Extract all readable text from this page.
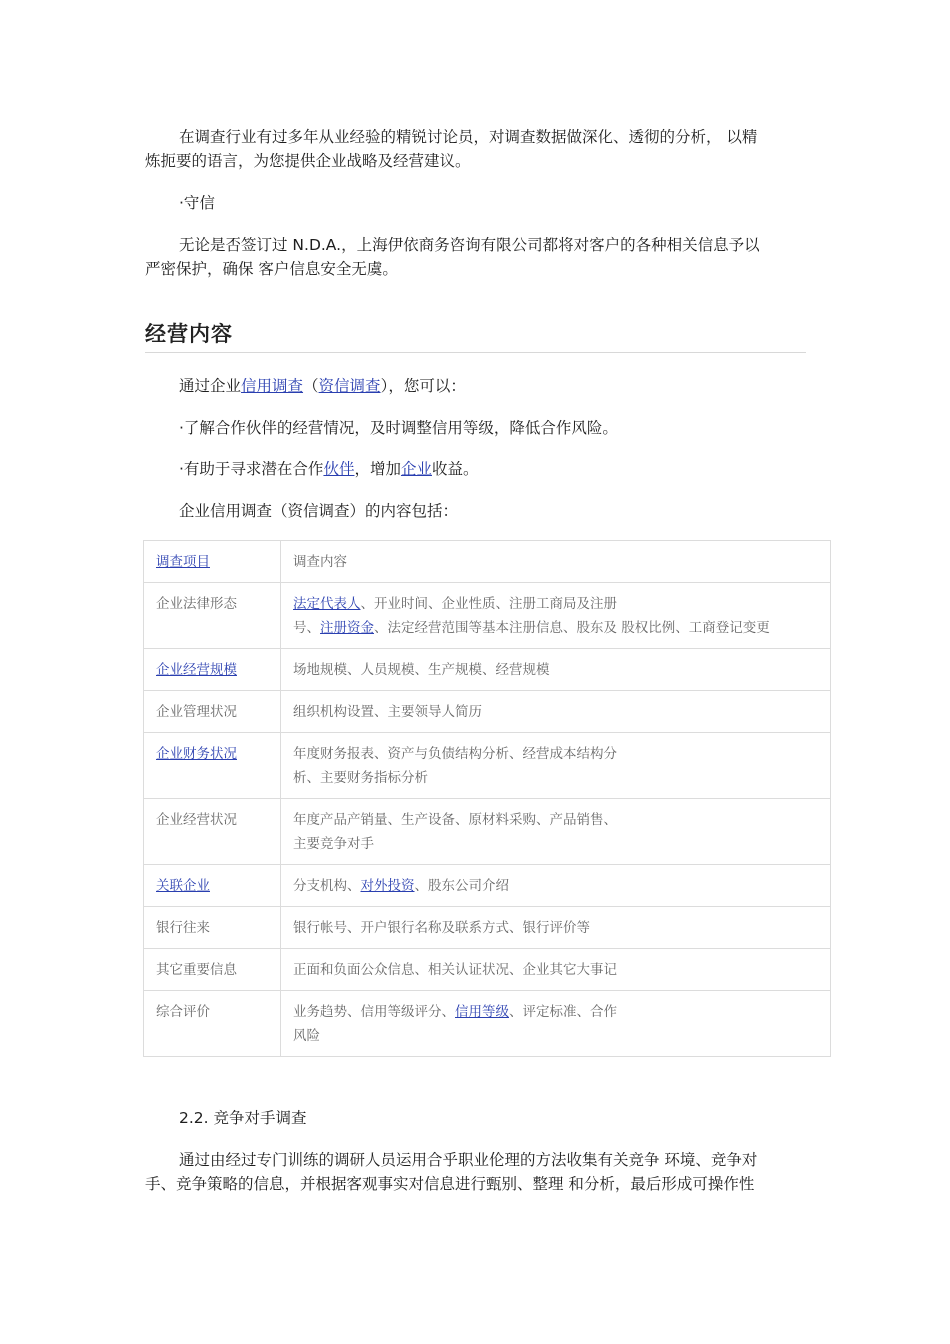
在调查行业有过多年从业经验的精锐讨论员，对调查数据做深化、透彻的分析， 以精
炼扼要的语言，为您提供企业战略及经营建议。

·守信

无论是否签订过 N.D.A.，上海伊依商务咨询有限公司都将对客户的各种相关信息予以
严密保护，确保 客户信息安全无虞。

经营内容

通过企业信用调查（资信调查），您可以：

·了解合作伙伴的经营情况，及时调整信用等级，降低合作风险。

·有助于寻求潜在合作伙伴，增加企业收益。

企业信用调查（资信调查）的内容包括：

调查项目	调查内容
企业法律形态	法定代表人、开业时间、企业性质、注册工商局及注册
号、注册资金、法定经营范围等基本注册信息、股东及 股权比例、工商登记变更

企业经营规模	场地规模、人员规模、生产规模、经营规模
企业管理状况	组织机构设置、主要领导人简历
企业财务状况	年度财务报表、资产与负债结构分析、经营成本结构分
析、主要财务指标分析

企业经营状况	年度产品产销量、生产设备、原材料采购、产品销售、
主要竞争对手

关联企业	分支机构、对外投资、股东公司介绍
银行往来	银行帐号、开户银行名称及联系方式、银行评价等
其它重要信息	正面和负面公众信息、相关认证状况、企业其它大事记
综合评价	业务趋势、信用等级评分、信用等级、评定标准、合作
风险

2.2. 竞争对手调查

通过由经过专门训练的调研人员运用合乎职业伦理的方法收集有关竞争 环境、竞争对
手、竞争策略的信息，并根据客观事实对信息进行甄别、整理 和分析，最后形成可操作性
